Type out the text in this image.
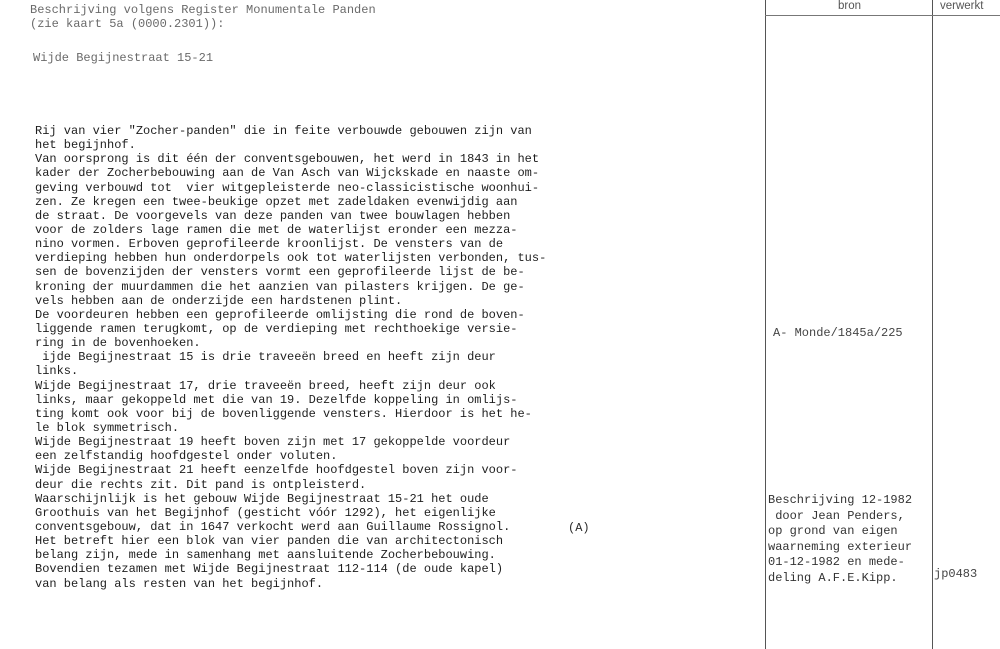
Beschrijving volgens Register Monumentale Panden
(zie kaart 5a (0000.2301)):
Wijde Begijnestraat 15-21
Rij van vier "Zocher-panden" die in feite verbouwde gebouwen zijn van
het begijnhof.
Van oorsprong is dit één der conventsgebouwen, het werd in 1843 in het
kader der Zocherbebouwing aan de Van Asch van Wijckskade en naaste om-
geving verbouwd tot  vier witgepleisterde neo-classicistische woonhui-
zen. Ze kregen een twee-beukige opzet met zadeldaken evenwijdig aan
de straat. De voorgevels van deze panden van twee bouwlagen hebben
voor de zolders lage ramen die met de waterlijst eronder een mezza-
nino vormen. Erboven geprofileerde kroonlijst. De vensters van de
verdieping hebben hun onderdorpels ook tot waterlijsten verbonden, tus-
sen de bovenzijden der vensters vormt een geprofileerde lijst de be-
kroning der muurdammen die het aanzien van pilasters krijgen. De ge-
vels hebben aan de onderzijde een hardstenen plint.
De voordeuren hebben een geprofileerde omlijsting die rond de boven-
liggende ramen terugkomt, op de verdieping met rechthoekige versie-
ring in de bovenhoeken.
ijde Begijnestraat 15 is drie traveeën breed en heeft zijn deur
links.
Wijde Begijnestraat 17, drie traveeën breed, heeft zijn deur ook
links, maar gekoppeld met die van 19. Dezelfde koppeling in omlijs-
ting komt ook voor bij de bovenliggende vensters. Hierdoor is het he-
le blok symmetrisch.
Wijde Begijnestraat 19 heeft boven zijn met 17 gekoppelde voordeur
een zelfstandig hoofdgestel onder voluten.
Wijde Begijnestraat 21 heeft eenzelfde hoofdgestel boven zijn voor-
deur die rechts zit. Dit pand is ontpleisterd.
Waarschijnlijk is het gebouw Wijde Begijnestraat 15-21 het oude
Groothuis van het Begijnhof (gesticht vóór 1292), het eigenlijke
conventsgebouw, dat in 1647 verkocht werd aan Guillaume Rossignol.
Het betreft hier een blok van vier panden die van architectonisch
belang zijn, mede in samenhang met aansluitende Zocherbebouwing.
Bovendien tezamen met Wijde Begijnestraat 112-114 (de oude kapel)
van belang als resten van het begijnhof.
(A)
bron	verwerkt
A- Monde/1845a/225
Beschrijving 12-1982
door Jean Penders,
op grond van eigen
waarneming exterieur
01-12-1982 en mede-
deling A.F.E.Kipp.	jp0483
